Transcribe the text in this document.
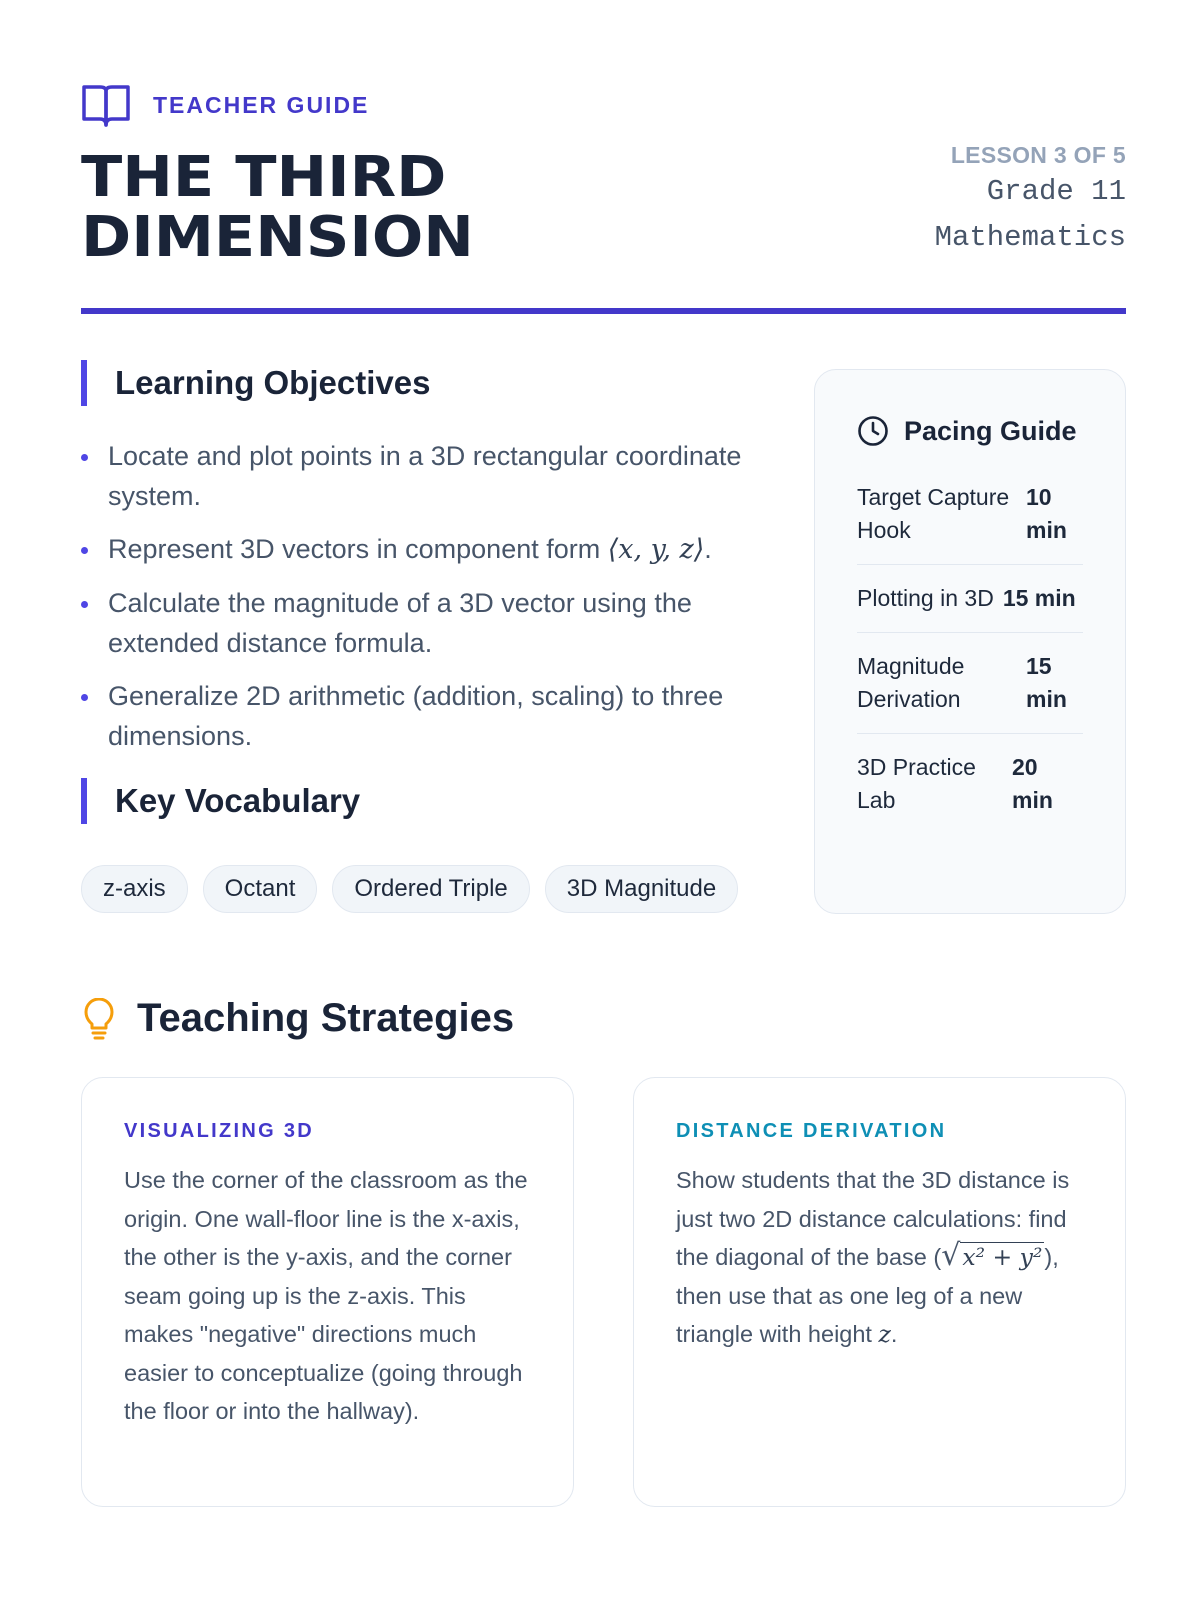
TEACHER GUIDE
THE THIRD
DIMENSION
LESSON 3 OF 5
Grade 11
Mathematics
Learning Objectives
Locate and plot points in a 3D rectangular coordinate system.
Represent 3D vectors in component form ⟨x, y, z⟩.
Calculate the magnitude of a 3D vector using the extended distance formula.
Generalize 2D arithmetic (addition, scaling) to three dimensions.
Key Vocabulary
z-axis	Octant	Ordered Triple	3D Magnitude
Pacing Guide
Target Capture Hook
10 min
Plotting in 3D 15 min
Magnitude Derivation
15 min
3D Practice Lab
20 min
Teaching Strategies
VISUALIZING 3D
Use the corner of the classroom as the origin. One wall-floor line is the x-axis, the other is the y-axis, and the corner seam going up is the z-axis. This makes "negative" directions much easier to conceptualize (going through the floor or into the hallway).
DISTANCE DERIVATION
Show students that the 3D distance is just two 2D distance calculations: find the diagonal of the base (√x² + y²), then use that as one leg of a new triangle with height z.
